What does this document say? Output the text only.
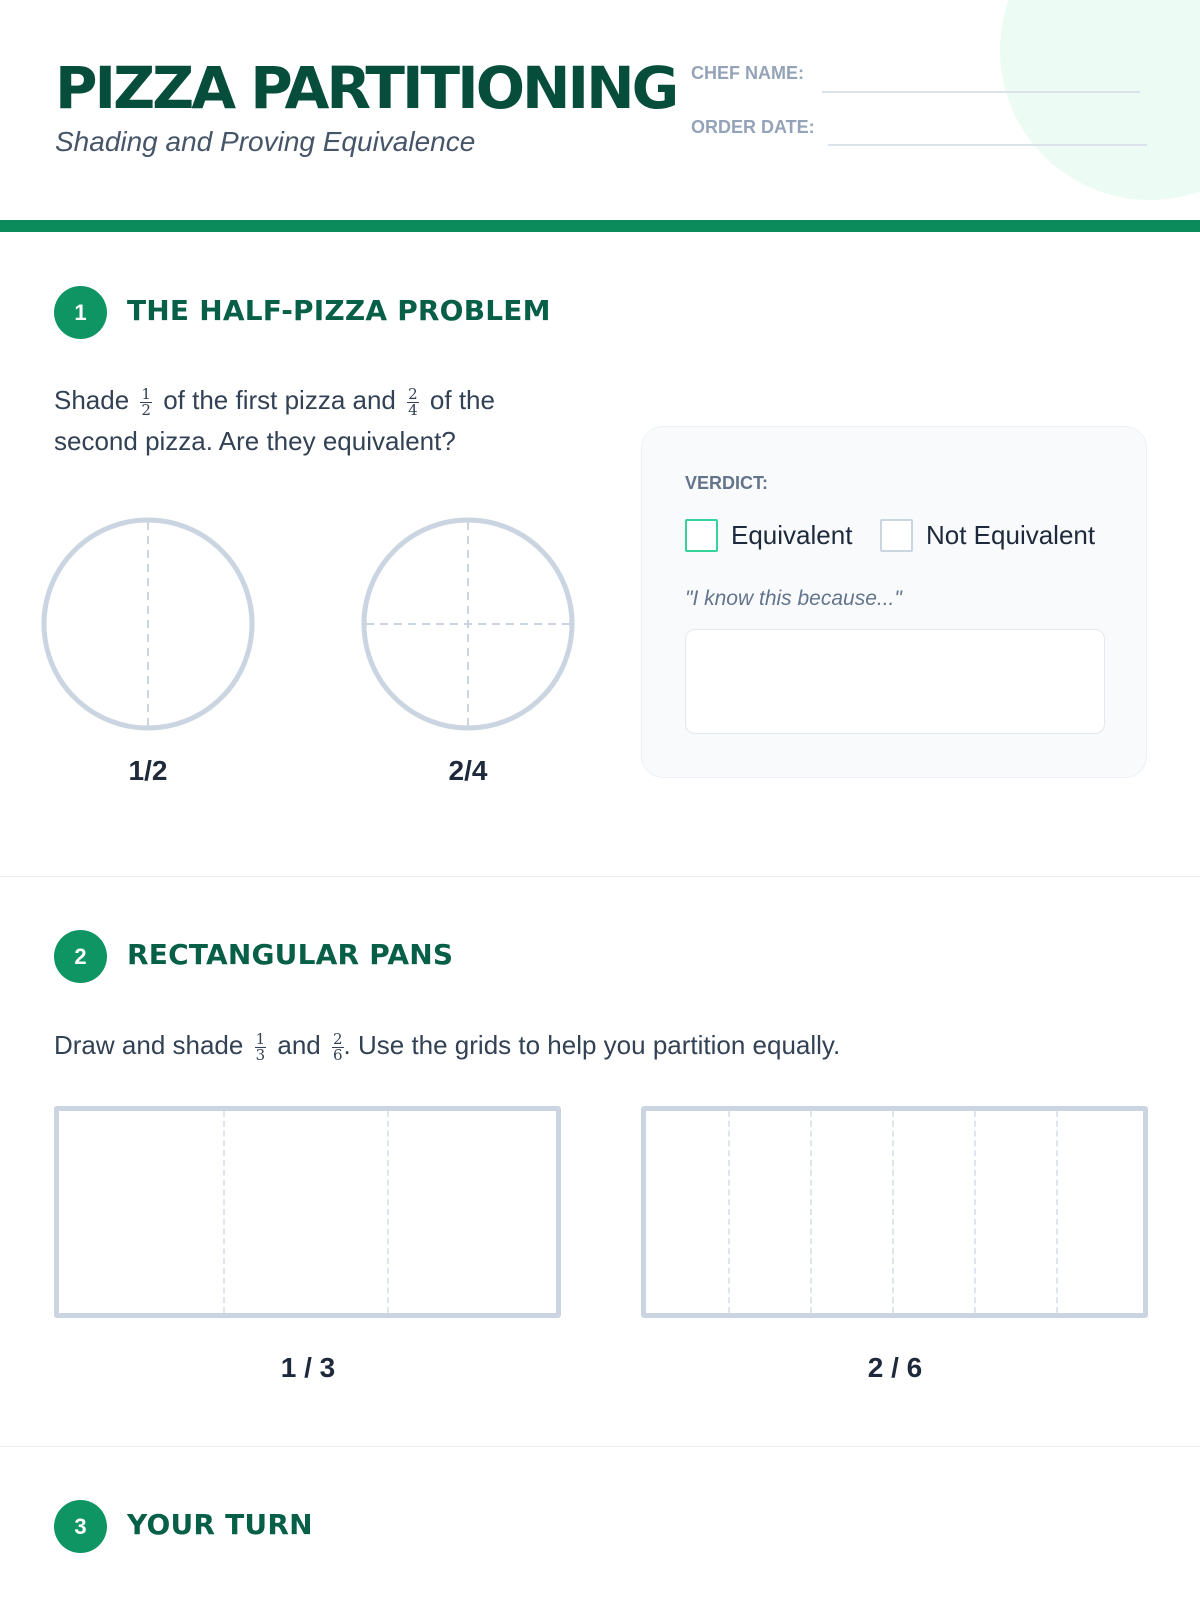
PIZZA PARTITIONING
Shading and Proving Equivalence
CHEF NAME:
ORDER DATE:
1	THE HALF-PIZZA PROBLEM
Shade $\frac{1}{2}$ of the first pizza and $\frac{2}{4}$ of the
second pizza. Are they equivalent?
1/2	2/4
VERDICT:
Equivalent	Not Equivalent
"I know this because..."
2	RECTANGULAR PANS
Draw and shade $\frac{1}{3}$ and $\frac{2}{6}$ . Use the grids to help you partition equally.
1 / 3	2 / 6
3	YOUR TURN
